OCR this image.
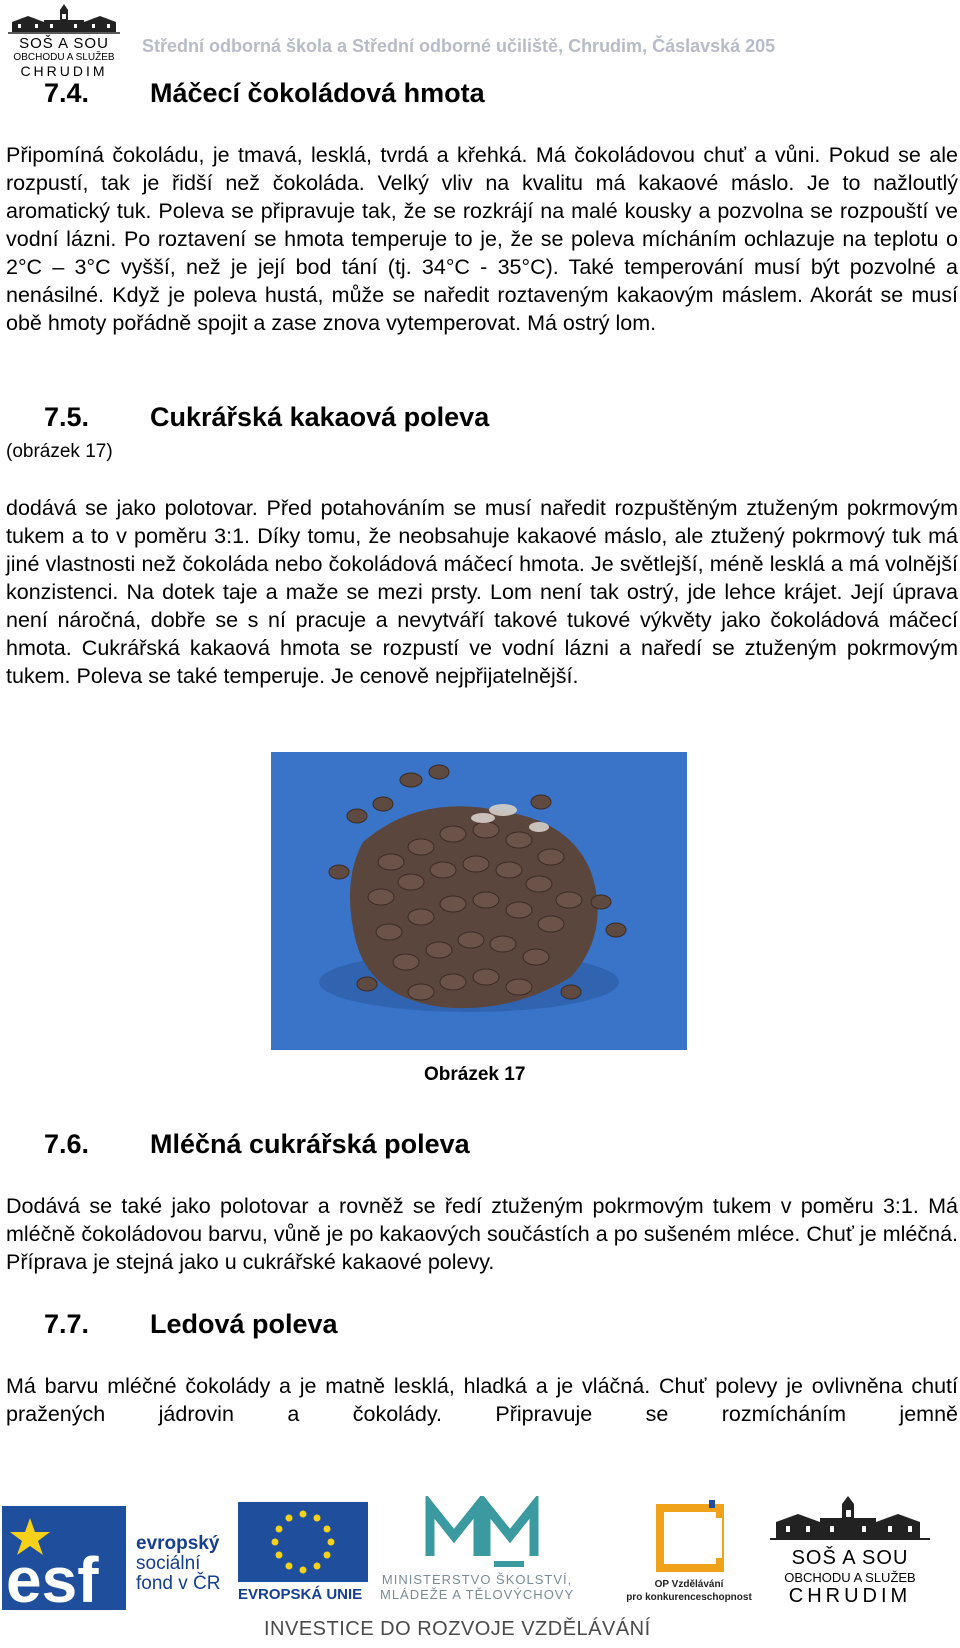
SOŠ A SOU
OBCHODU A SLUŽEB
CHRUDIM
Střední odborná škola a Střední odborné učiliště, Chrudim, Čáslavská 205
7.4. Máčecí čokoládová hmota

Připomíná čokoládu, je tmavá, lesklá, tvrdá a křehká. Má čokoládovou chuť a vůni. Pokud se ale rozpustí, tak je řidší než čokoláda. Velký vliv na kvalitu má kakaové máslo. Je to nažloutlý aromatický tuk. Poleva se připravuje tak, že se rozkrájí na malé kousky a pozvolna se rozpouští ve vodní lázni. Po roztavení se hmota temperuje to je, že se poleva mícháním ochlazuje na teplotu o 2°C – 3°C vyšší, než je její bod tání (tj. 34°C - 35°C). Také temperování musí být pozvolné a nenásilné. Když je poleva hustá, může se naředit roztaveným kakaovým máslem. Akorát se musí obě hmoty pořádně spojit a zase znova vytemperovat. Má ostrý lom.

7.5. Cukrářská kakaová poleva
(obrázek 17)

dodává se jako polotovar. Před potahováním se musí naředit rozpuštěným ztuženým pokrmovým tukem a to v poměru 3:1. Díky tomu, že neobsahuje kakaové máslo, ale ztužený pokrmový tuk má jiné vlastnosti než čokoláda nebo čokoládová máčecí hmota. Je světlejší, méně lesklá a má volnější konzistenci. Na dotek taje a maže se mezi prsty. Lom není tak ostrý, jde lehce krájet. Její úprava není náročná, dobře se s ní pracuje a nevytváří takové tukové výkvěty jako čokoládová máčecí hmota. Cukrářská kakaová hmota se rozpustí ve vodní lázni a naředí se ztuženým pokrmovým tukem. Poleva se také temperuje. Je cenově nejpřijatelnější.

Obrázek 17
7.6. Mléčná cukrářská poleva

Dodává se také jako polotovar a rovněž se ředí ztuženým pokrmovým tukem v poměru 3:1. Má mléčně čokoládovou barvu, vůně je po kakaových součástích a po sušeném mléce. Chuť je mléčná. Příprava je stejná jako u cukrářské kakaové polevy.

7.7. Ledová poleva

Má barvu mléčné čokolády a je matně lesklá, hladká a je vláčná. Chuť polevy je ovlivněna chutí pražených jádrovin a čokolády. Připravuje se rozmícháním jemně

esf
evropský
sociální
fond v ČR
EVROPSKÁ UNIE
MINISTERSTVO ŠKOLSTVÍ,
MLÁDEŽE A TĚLOVÝCHOVY
OP Vzdělávání
pro konkurenceschopnost
SOŠ A SOU
OBCHODU A SLUŽEB
CHRUDIM
INVESTICE DO ROZVOJE VZDĚLÁVÁNÍ
